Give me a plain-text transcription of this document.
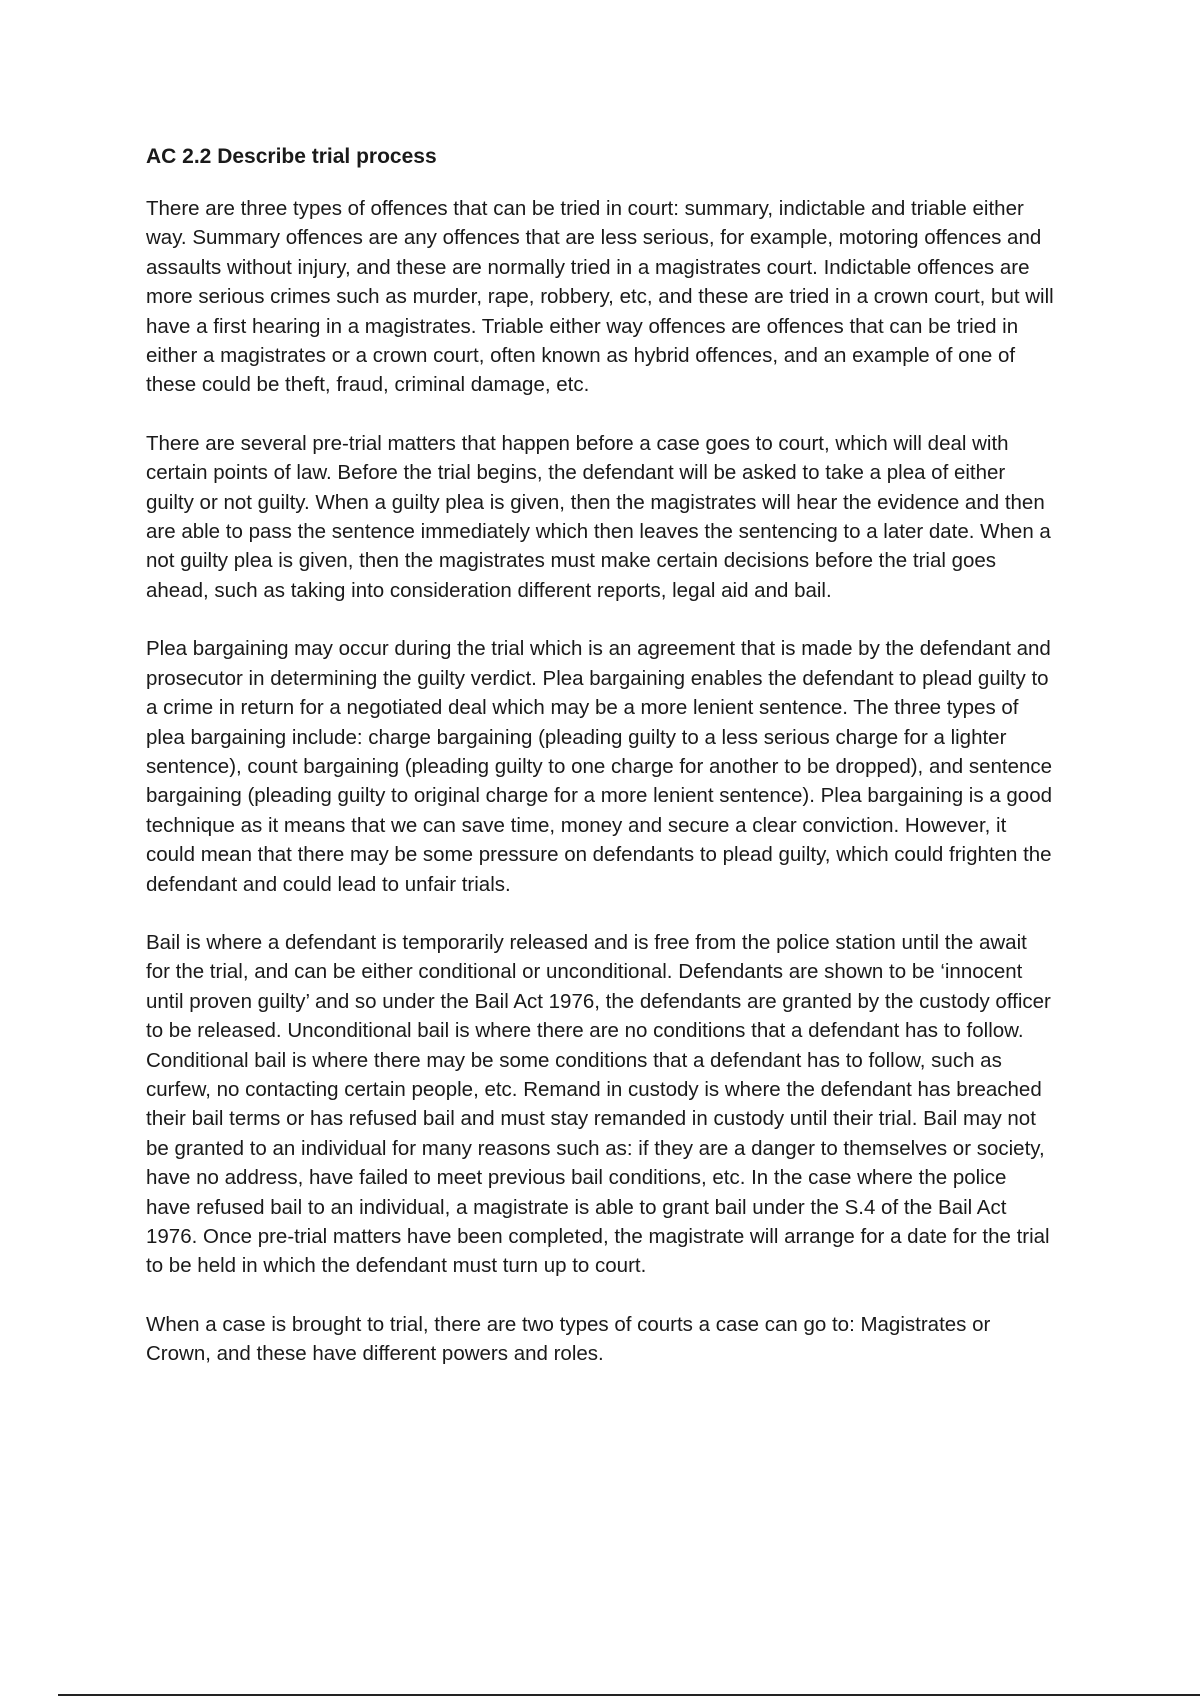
AC 2.2 Describe trial process

There are three types of offences that can be tried in court: summary, indictable and triable either way. Summary offences are any offences that are less serious, for example, motoring offences and assaults without injury, and these are normally tried in a magistrates court. Indictable offences are more serious crimes such as murder, rape, robbery, etc, and these are tried in a crown court, but will have a first hearing in a magistrates. Triable either way offences are offences that can be tried in either a magistrates or a crown court, often known as hybrid offences, and an example of one of these could be theft, fraud, criminal damage, etc.

There are several pre-trial matters that happen before a case goes to court, which will deal with certain points of law. Before the trial begins, the defendant will be asked to take a plea of either guilty or not guilty. When a guilty plea is given, then the magistrates will hear the evidence and then are able to pass the sentence immediately which then leaves the sentencing to a later date. When a not guilty plea is given, then the magistrates must make certain decisions before the trial goes ahead, such as taking into consideration different reports, legal aid and bail.

Plea bargaining may occur during the trial which is an agreement that is made by the defendant and prosecutor in determining the guilty verdict. Plea bargaining enables the defendant to plead guilty to a crime in return for a negotiated deal which may be a more lenient sentence. The three types of plea bargaining include: charge bargaining (pleading guilty to a less serious charge for a lighter sentence), count bargaining (pleading guilty to one charge for another to be dropped), and sentence bargaining (pleading guilty to original charge for a more lenient sentence). Plea bargaining is a good technique as it means that we can save time, money and secure a clear conviction. However, it could mean that there may be some pressure on defendants to plead guilty, which could frighten the defendant and could lead to unfair trials.

Bail is where a defendant is temporarily released and is free from the police station until the await for the trial, and can be either conditional or unconditional. Defendants are shown to be ‘innocent until proven guilty’ and so under the Bail Act 1976, the defendants are granted by the custody officer to be released. Unconditional bail is where there are no conditions that a defendant has to follow. Conditional bail is where there may be some conditions that a defendant has to follow, such as curfew, no contacting certain people, etc. Remand in custody is where the defendant has breached their bail terms or has refused bail and must stay remanded in custody until their trial. Bail may not be granted to an individual for many reasons such as: if they are a danger to themselves or society, have no address, have failed to meet previous bail conditions, etc. In the case where the police have refused bail to an individual, a magistrate is able to grant bail under the S.4 of the Bail Act 1976. Once pre-trial matters have been completed, the magistrate will arrange for a date for the trial to be held in which the defendant must turn up to court.

When a case is brought to trial, there are two types of courts a case can go to: Magistrates or Crown, and these have different powers and roles.
